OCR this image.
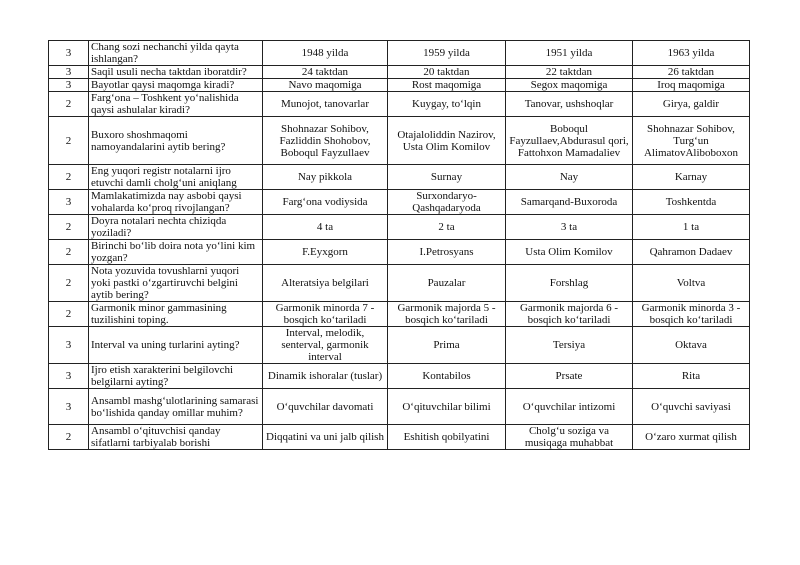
3	Chang sozi nechanchi yilda qayta ishlangan?	1948 yilda	1959 yilda	1951 yilda	1963 yilda
3	Saqil usuli necha taktdan iboratdir?	24 taktdan	20 taktdan	22 taktdan	26 taktdan
3	Bayotlar qaysi maqomga kiradi?	Navo maqomiga	Rost maqomiga	Segox maqomiga	Iroq maqomiga
2	Farg‘ona – Toshkent yo‘nalishida qaysi ashulalar kiradi?	Munojot, tanovarlar	Kuygay, to‘lqin	Tanovar, ushshoqlar	Girya, galdir
2	Buxoro shoshmaqomi namoyandalarini aytib bering?	Shohnazar Sohibov, Fazliddin Shohobov, Boboqul Fayzullaev	Otajaloliddin Nazirov, Usta Olim Komilov	Boboqul Fayzullaev,Abdurasul qori, Fattohxon Mamadaliev	Shohnazar Sohibov, Turg‘un AlimatovAliboboxon
2	Eng yuqori registr notalarni ijro etuvchi damli cholg‘uni aniqlang	Nay pikkola	Surnay	Nay	Karnay
3	Mamlakatimizda nay asbobi qaysi vohalarda ko‘proq rivojlangan?	Farg‘ona vodiysida	Surxondaryo-Qashqadaryoda	Samarqand-Buxoroda	Toshkentda
2	Doyra notalari nechta chiziqda yoziladi?	4 ta	2 ta	3 ta	1 ta
2	Birinchi bo‘lib doira nota yo‘lini kim yozgan?	F.Eyxgorn	I.Petrosyans	Usta Olim Komilov	Qahramon Dadaev
2	Nota yozuvida tovushlarni yuqori yoki pastki o‘zgartiruvchi belgini aytib bering?	Alteratsiya belgilari	Pauzalar	Forshlag	Voltva
2	Garmonik minor gammasining tuzilishini toping.	Garmonik minorda 7 - bosqich ko‘tariladi	Garmonik majorda 5 - bosqich ko‘tariladi	Garmonik majorda 6 - bosqich ko‘tariladi	Garmonik minorda 3 - bosqich ko‘tariladi
3	Interval va uning turlarini ayting?	Interval, melodik, senterval, garmonik interval	Prima	Tersiya	Oktava
3	Ijro etish xarakterini belgilovchi belgilarni ayting?	Dinamik ishoralar (tuslar)	Kontabilos	Prsate	Rita
3	Ansambl mashg‘ulotlarining samarasi bo‘lishida qanday omillar muhim?	O‘quvchilar davomati	O‘qituvchilar bilimi	O‘quvchilar intizomi	O‘quvchi saviyasi
2	Ansambl o‘qituvchisi qanday sifatlarni tarbiyalab borishi	Diqqatini va uni jalb qilish	Eshitish qobilyatini	Cholg‘u soziga va musiqaga muhabbat	O‘zaro xurmat qilish
